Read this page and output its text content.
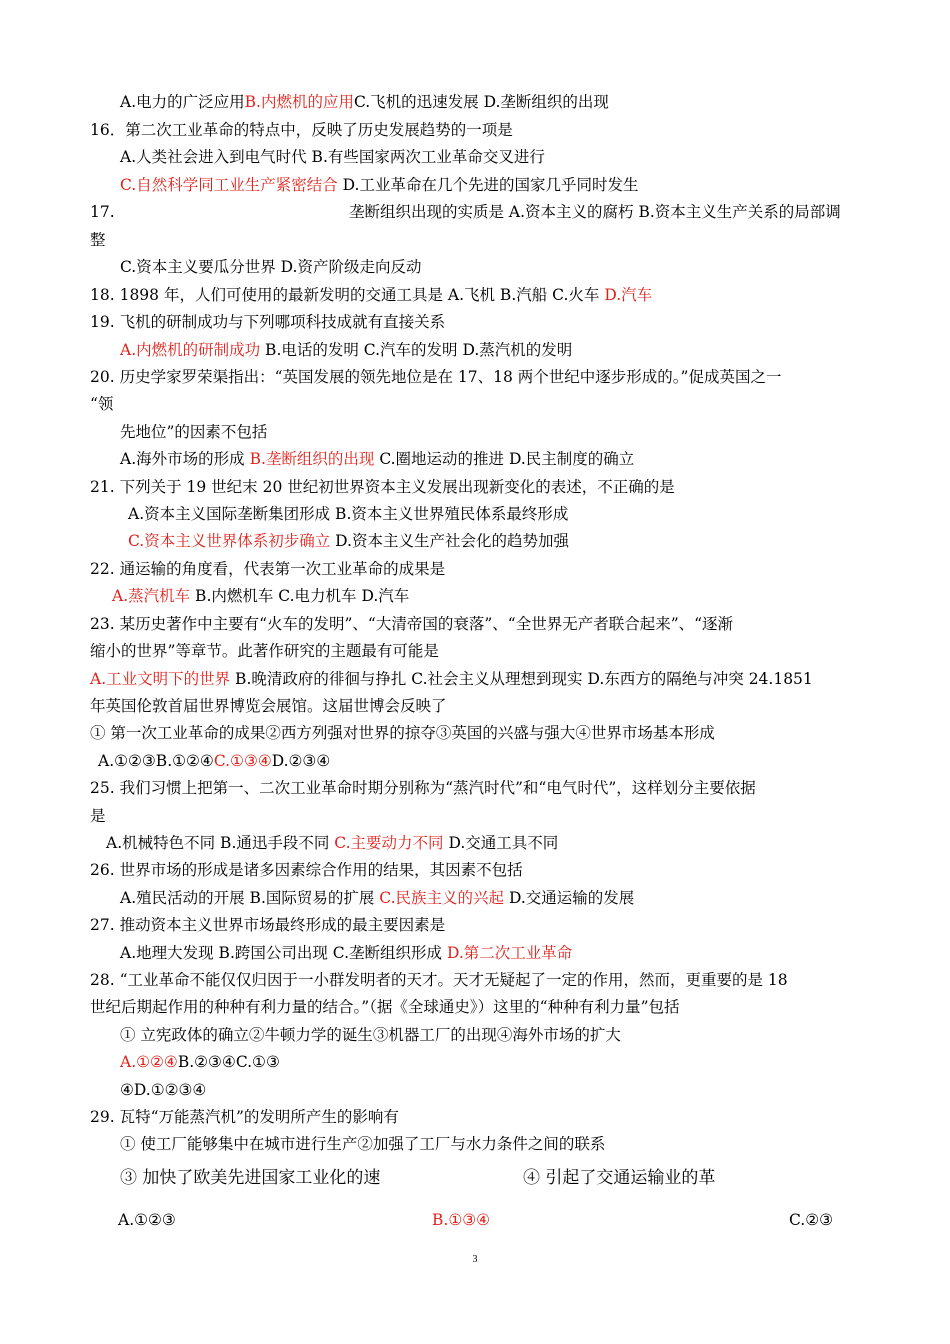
A.电力的广泛应用B.内燃机的应用C.飞机的迅速发展 D.垄断组织的出现
16．第二次工业革命的特点中，反映了历史发展趋势的一项是
A.人类社会进入到电气时代 B.有些国家两次工业革命交叉进行
C.自然科学同工业生产紧密结合 D.工业革命在几个先进的国家几乎同时发生
17.	垄断组织出现的实质是 A.资本主义的腐朽 B.资本主义生产关系的局部调
整
C.资本主义要瓜分世界 D.资产阶级走向反动
18. 1898 年，人们可使用的最新发明的交通工具是 A.飞机 B.汽船 C.火车 D.汽车
19. 飞机的研制成功与下列哪项科技成就有直接关系
A.内燃机的研制成功 B.电话的发明 C.汽车的发明 D.蒸汽机的发明
20. 历史学家罗荣渠指出：“英国发展的领先地位是在 17、18 两个世纪中逐步形成的。”促成英国之一
“领
先地位”的因素不包括
A.海外市场的形成 B.垄断组织的出现 C.圈地运动的推进 D.民主制度的确立
21. 下列关于 19 世纪末 20 世纪初世界资本主义发展出现新变化的表述，不正确的是
A.资本主义国际垄断集团形成 B.资本主义世界殖民体系最终形成
C.资本主义世界体系初步确立 D.资本主义生产社会化的趋势加强
22. 通运输的角度看，代表第一次工业革命的成果是
A.蒸汽机车 B.内燃机车 C.电力机车 D.汽车
23. 某历史著作中主要有“火车的发明”、“大清帝国的衰落”、“全世界无产者联合起来”、“逐渐
缩小的世界”等章节。此著作研究的主题最有可能是
A.工业文明下的世界 B.晚清政府的徘徊与挣扎 C.社会主义从理想到现实 D.东西方的隔绝与冲突 24.1851
年英国伦敦首届世界博览会展馆。这届世博会反映了
① 第一次工业革命的成果②西方列强对世界的掠夺③英国的兴盛与强大④世界市场基本形成
A.①②③B.①②④C.①③④D.②③④
25. 我们习惯上把第一、二次工业革命时期分别称为“蒸汽时代”和“电气时代”，这样划分主要依据
是
A.机械特色不同 B.通迅手段不同 C.主要动力不同 D.交通工具不同
26. 世界市场的形成是诸多因素综合作用的结果，其因素不包括
A.殖民活动的开展 B.国际贸易的扩展 C.民族主义的兴起 D.交通运输的发展
27. 推动资本主义世界市场最终形成的最主要因素是
A.地理大发现 B.跨国公司出现 C.垄断组织形成 D.第二次工业革命
28. “工业革命不能仅仅归因于一小群发明者的天才。天才无疑起了一定的作用，然而，更重要的是 18
世纪后期起作用的种种有利力量的结合。”（据《全球通史》）这里的“种种有利力量”包括
① 立宪政体的确立②牛顿力学的诞生③机器工厂的出现④海外市场的扩大
A.①②④B.②③④C.①③
④D.①②③④
29. 瓦特“万能蒸汽机”的发明所产生的影响有
① 使工厂能够集中在城市进行生产②加强了工厂与水力条件之间的联系
③ 加快了欧美先进国家工业化的速	④ 引起了交通运输业的革
A.①②③	B.①③④	C.②③
3
